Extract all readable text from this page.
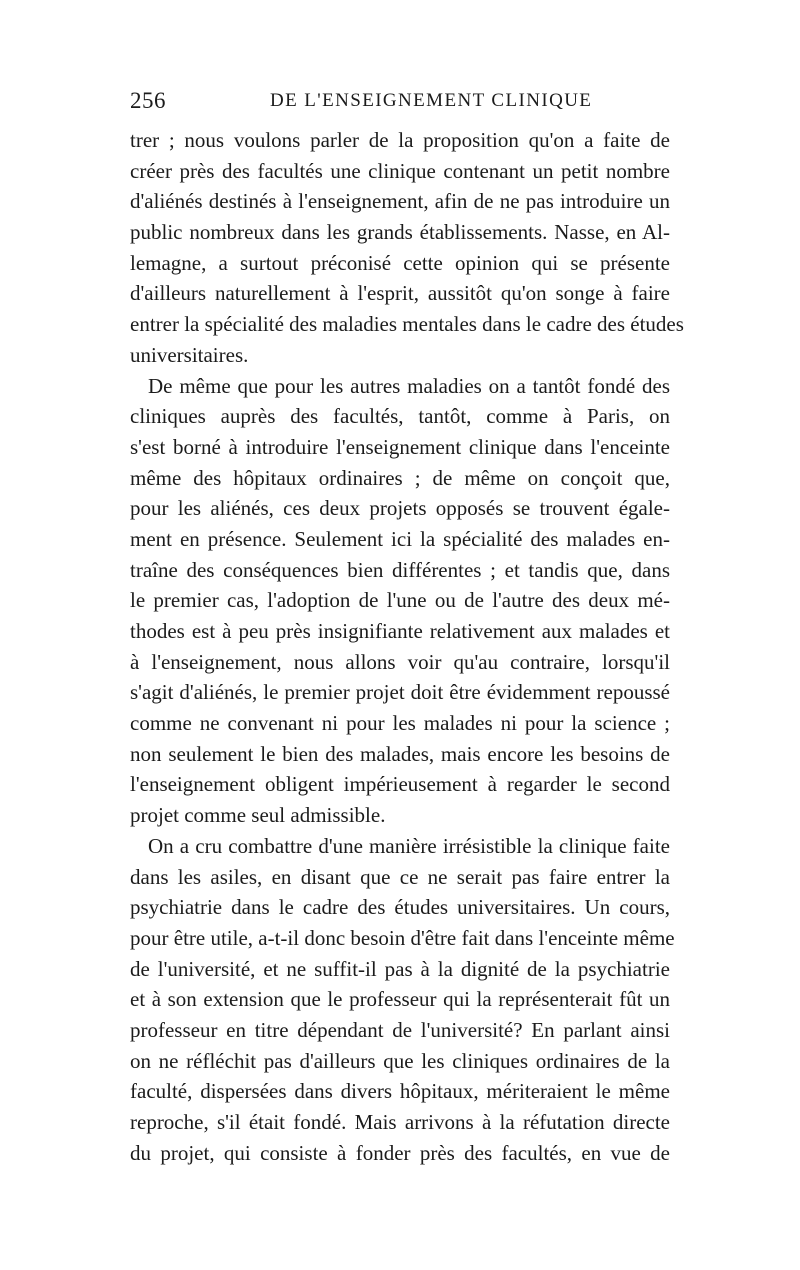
256	DE L'ENSEIGNEMENT CLINIQUE
trer ; nous voulons parler de la proposition qu'on a faite de
créer près des facultés une clinique contenant un petit nombre
d'aliénés destinés à l'enseignement, afin de ne pas introduire un
public nombreux dans les grands établissements. Nasse, en Al-
lemagne, a surtout préconisé cette opinion qui se présente
d'ailleurs naturellement à l'esprit, aussitôt qu'on songe à faire
entrer la spécialité des maladies mentales dans le cadre des études
universitaires.
De même que pour les autres maladies on a tantôt fondé des
cliniques auprès des facultés, tantôt, comme à Paris, on
s'est borné à introduire l'enseignement clinique dans l'enceinte
même des hôpitaux ordinaires ; de même on conçoit que,
pour les aliénés, ces deux projets opposés se trouvent égale-
ment en présence. Seulement ici la spécialité des malades en-
traîne des conséquences bien différentes ; et tandis que, dans
le premier cas, l'adoption de l'une ou de l'autre des deux mé-
thodes est à peu près insignifiante relativement aux malades et
à l'enseignement, nous allons voir qu'au contraire, lorsqu'il
s'agit d'aliénés, le premier projet doit être évidemment repoussé
comme ne convenant ni pour les malades ni pour la science ;
non seulement le bien des malades, mais encore les besoins de
l'enseignement obligent impérieusement à regarder le second
projet comme seul admissible.
On a cru combattre d'une manière irrésistible la clinique faite
dans les asiles, en disant que ce ne serait pas faire entrer la
psychiatrie dans le cadre des études universitaires. Un cours,
pour être utile, a-t-il donc besoin d'être fait dans l'enceinte même
de l'université, et ne suffit-il pas à la dignité de la psychiatrie
et à son extension que le professeur qui la représenterait fût un
professeur en titre dépendant de l'université? En parlant ainsi
on ne réfléchit pas d'ailleurs que les cliniques ordinaires de la
faculté, dispersées dans divers hôpitaux, mériteraient le même
reproche, s'il était fondé. Mais arrivons à la réfutation directe
du projet, qui consiste à fonder près des facultés, en vue de
